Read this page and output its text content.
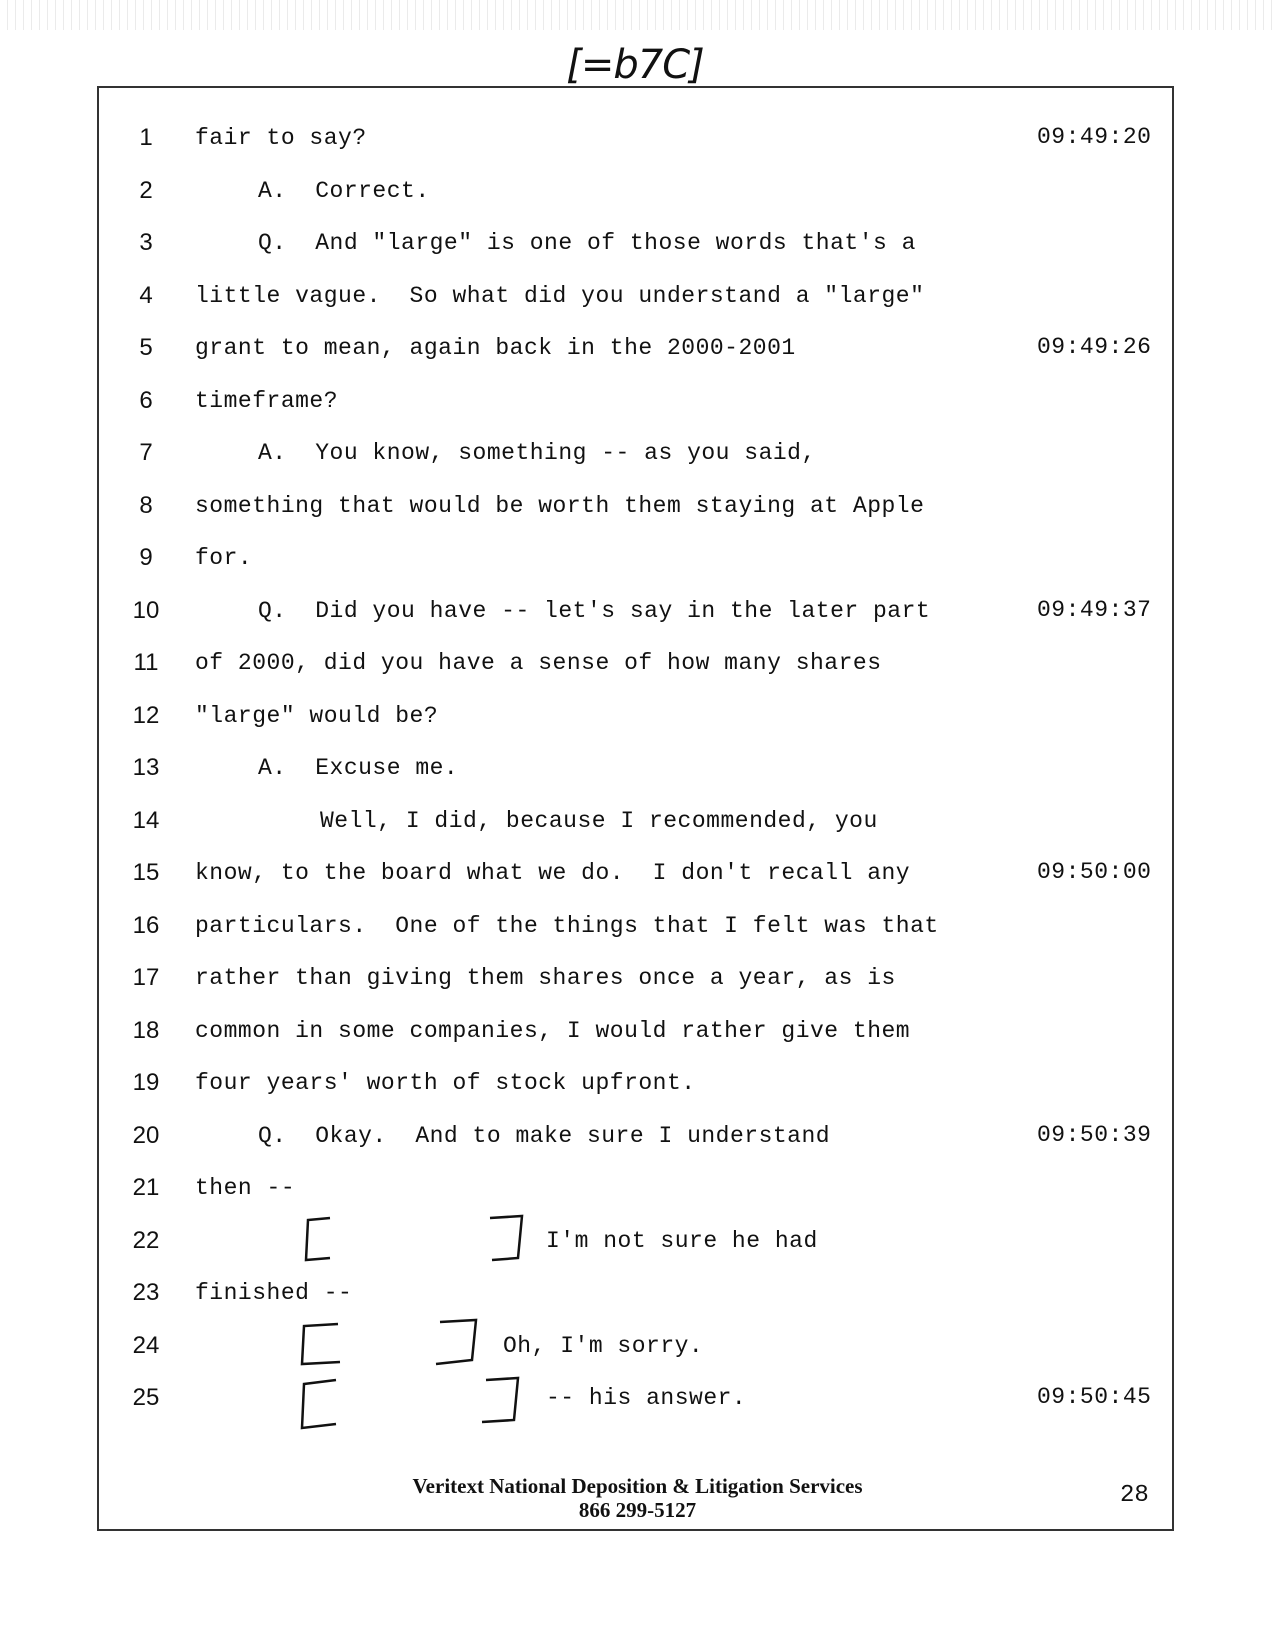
[=b7C]
1	fair to say?	09:49:20
2	A.  Correct.
3	Q.  And "large" is one of those words that's a
4	little vague.  So what did you understand a "large"
5	grant to mean, again back in the 2000-2001	09:49:26
6	timeframe?
7	A.  You know, something -- as you said,
8	something that would be worth them staying at Apple
9	for.
10	Q.  Did you have -- let's say in the later part	09:49:37
11	of 2000, did you have a sense of how many shares
12	"large" would be?
13	A.  Excuse me.
14	Well, I did, because I recommended, you
15	know, to the board what we do.  I don't recall any	09:50:00
16	particulars.  One of the things that I felt was that
17	rather than giving them shares once a year, as is
18	common in some companies, I would rather give them
19	four years' worth of stock upfront.
20	Q.  Okay.  And to make sure I understand	09:50:39
21	then --
22	I'm not sure he had
23	finished --
24	Oh, I'm sorry.
25	-- his answer.	09:50:45
28
Veritext National Deposition & Litigation Services
866 299-5127
